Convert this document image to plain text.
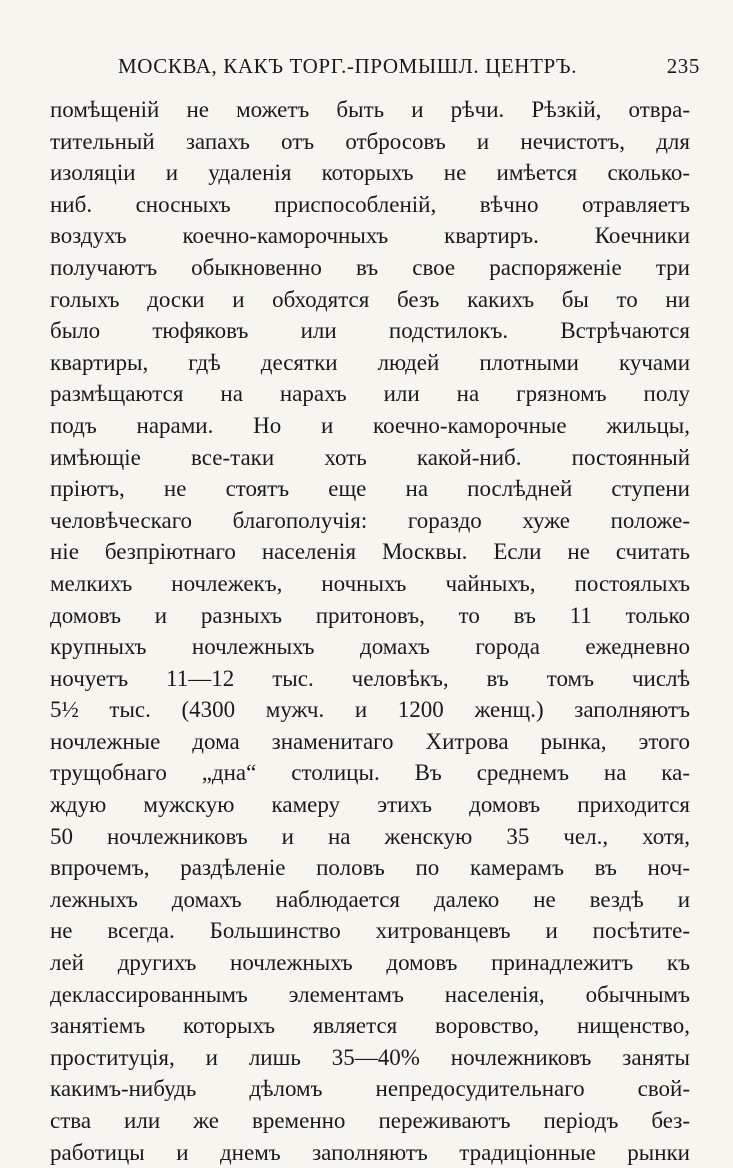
МОСКВА, КАКЪ ТОРГ.-ПРОМЫШЛ. ЦЕНТРЪ.	235
помѣщеній не можетъ быть и рѣчи. Рѣзкій, отвра-
тительный запахъ отъ отбросовъ и нечистотъ, для
изоляціи и удаленія которыхъ не имѣется сколько-
ниб. сносныхъ приспособленій, вѣчно отравляетъ
воздухъ коечно-каморочныхъ квартиръ. Коечники
получаютъ обыкновенно въ свое распоряженіе три
голыхъ доски и обходятся безъ какихъ бы то ни
было тюфяковъ или подстилокъ. Встрѣчаются
квартиры, гдѣ десятки людей плотными кучами
размѣщаются на нарахъ или на грязномъ полу
подъ нарами. Но и коечно-каморочные жильцы,
имѣющіе все-таки хоть какой-ниб. постоянный
пріютъ, не стоятъ еще на послѣдней ступени
человѣческаго благополучія: гораздо хуже положе-
ніе безпріютнаго населенія Москвы. Если не считать
мелкихъ ночлежекъ, ночныхъ чайныхъ, постоялыхъ
домовъ и разныхъ притоновъ, то въ 11 только
крупныхъ ночлежныхъ домахъ города ежедневно
ночуетъ 11—12 тыс. человѣкъ, въ томъ числѣ
5½ тыс. (4300 мужч. и 1200 женщ.) заполняютъ
ночлежные дома знаменитаго Хитрова рынка, этого
трущобнаго „дна“ столицы. Въ среднемъ на ка-
ждую мужскую камеру этихъ домовъ приходится
50 ночлежниковъ и на женскую 35 чел., хотя,
впрочемъ, раздѣленіе половъ по камерамъ въ ноч-
лежныхъ домахъ наблюдается далеко не вездѣ и
не всегда. Большинство хитрованцевъ и посѣтите-
лей другихъ ночлежныхъ домовъ принадлежитъ къ
деклассированнымъ элементамъ населенія, обычнымъ
занятіемъ которыхъ является воровство, нищенство,
проституція, и лишь 35—40% ночлежниковъ заняты
какимъ-нибудь дѣломъ непредосудительнаго свой-
ства или же временно переживаютъ періодъ без-
работицы и днемъ заполняютъ традиціонные рынки
